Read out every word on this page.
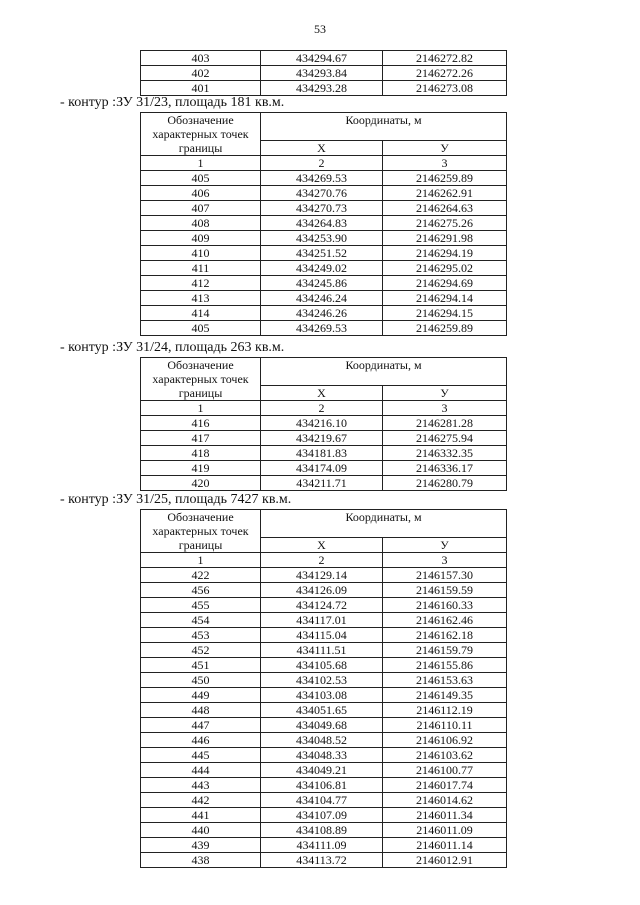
53
403	434294.67	2146272.82
402	434293.84	2146272.26
401	434293.28	2146273.08
- контур :ЗУ 31/23, площадь 181 кв.м.
Обозначение характерных точек границы	Координаты, м	
	Х	У
1	2	3
405	434269.53	2146259.89
406	434270.76	2146262.91
407	434270.73	2146264.63
408	434264.83	2146275.26
409	434253.90	2146291.98
410	434251.52	2146294.19
411	434249.02	2146295.02
412	434245.86	2146294.69
413	434246.24	2146294.14
414	434246.26	2146294.15
405	434269.53	2146259.89
- контур :ЗУ 31/24, площадь 263 кв.м.
Обозначение характерных точек границы	Координаты, м	
	Х	У
1	2	3
416	434216.10	2146281.28
417	434219.67	2146275.94
418	434181.83	2146332.35
419	434174.09	2146336.17
420	434211.71	2146280.79
- контур :ЗУ 31/25, площадь 7427 кв.м.
Обозначение характерных точек границы	Координаты, м	
	Х	У
1	2	3
422	434129.14	2146157.30
456	434126.09	2146159.59
455	434124.72	2146160.33
454	434117.01	2146162.46
453	434115.04	2146162.18
452	434111.51	2146159.79
451	434105.68	2146155.86
450	434102.53	2146153.63
449	434103.08	2146149.35
448	434051.65	2146112.19
447	434049.68	2146110.11
446	434048.52	2146106.92
445	434048.33	2146103.62
444	434049.21	2146100.77
443	434106.81	2146017.74
442	434104.77	2146014.62
441	434107.09	2146011.34
440	434108.89	2146011.09
439	434111.09	2146011.14
438	434113.72	2146012.91
